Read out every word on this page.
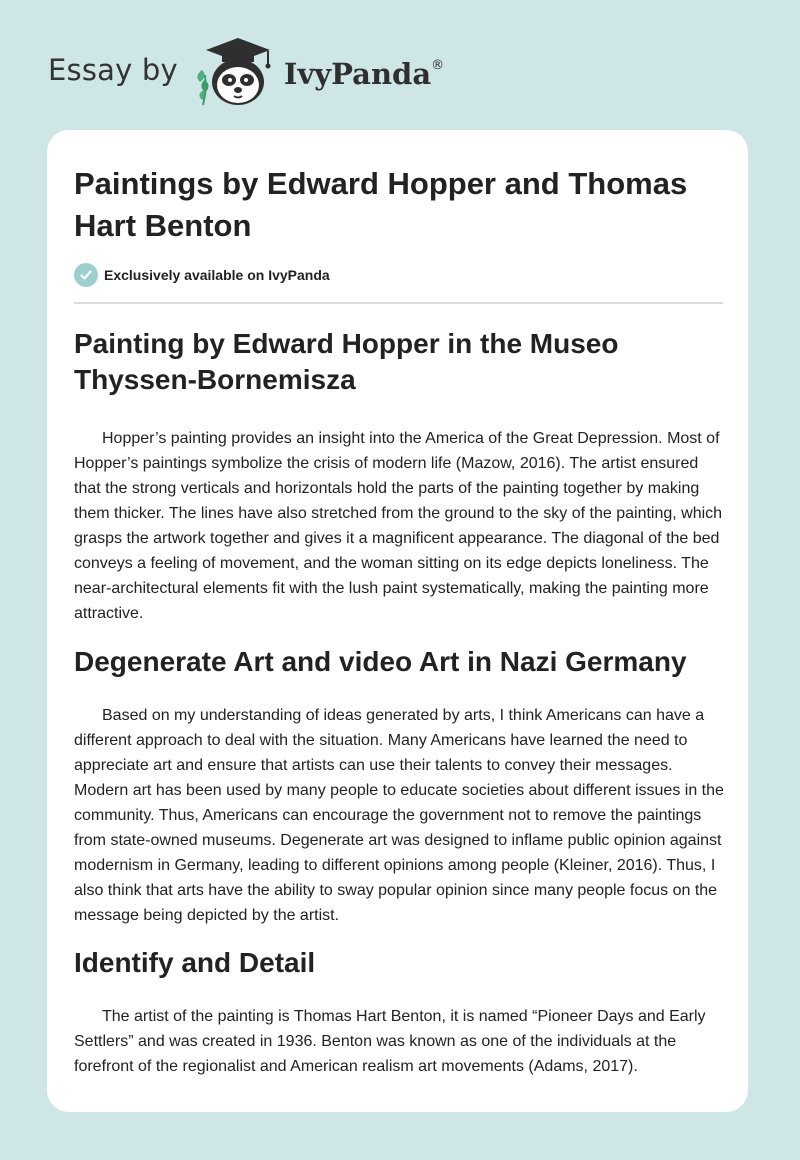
Essay by	IvyPanda®
Paintings by Edward Hopper and Thomas Hart Benton
Exclusively available on IvyPanda
Painting by Edward Hopper in the Museo Thyssen-Bornemisza

Hopper’s painting provides an insight into the America of the Great Depression. Most of Hopper’s paintings symbolize the crisis of modern life (Mazow, 2016). The artist ensured that the strong verticals and horizontals hold the parts of the painting together by making them thicker. The lines have also stretched from the ground to the sky of the painting, which grasps the artwork together and gives it a magnificent appearance. The diagonal of the bed conveys a feeling of movement, and the woman sitting on its edge depicts loneliness. The near-architectural elements fit with the lush paint systematically, making the painting more attractive.

Degenerate Art and video Art in Nazi Germany

Based on my understanding of ideas generated by arts, I think Americans can have a different approach to deal with the situation. Many Americans have learned the need to appreciate art and ensure that artists can use their talents to convey their messages. Modern art has been used by many people to educate societies about different issues in the community. Thus, Americans can encourage the government not to remove the paintings from state-owned museums. Degenerate art was designed to inflame public opinion against modernism in Germany, leading to different opinions among people (Kleiner, 2016). Thus, I also think that arts have the ability to sway popular opinion since many people focus on the message being depicted by the artist.

Identify and Detail

The artist of the painting is Thomas Hart Benton, it is named “Pioneer Days and Early Settlers” and was created in 1936. Benton was known as one of the individuals at the forefront of the regionalist and American realism art movements (Adams, 2017).
